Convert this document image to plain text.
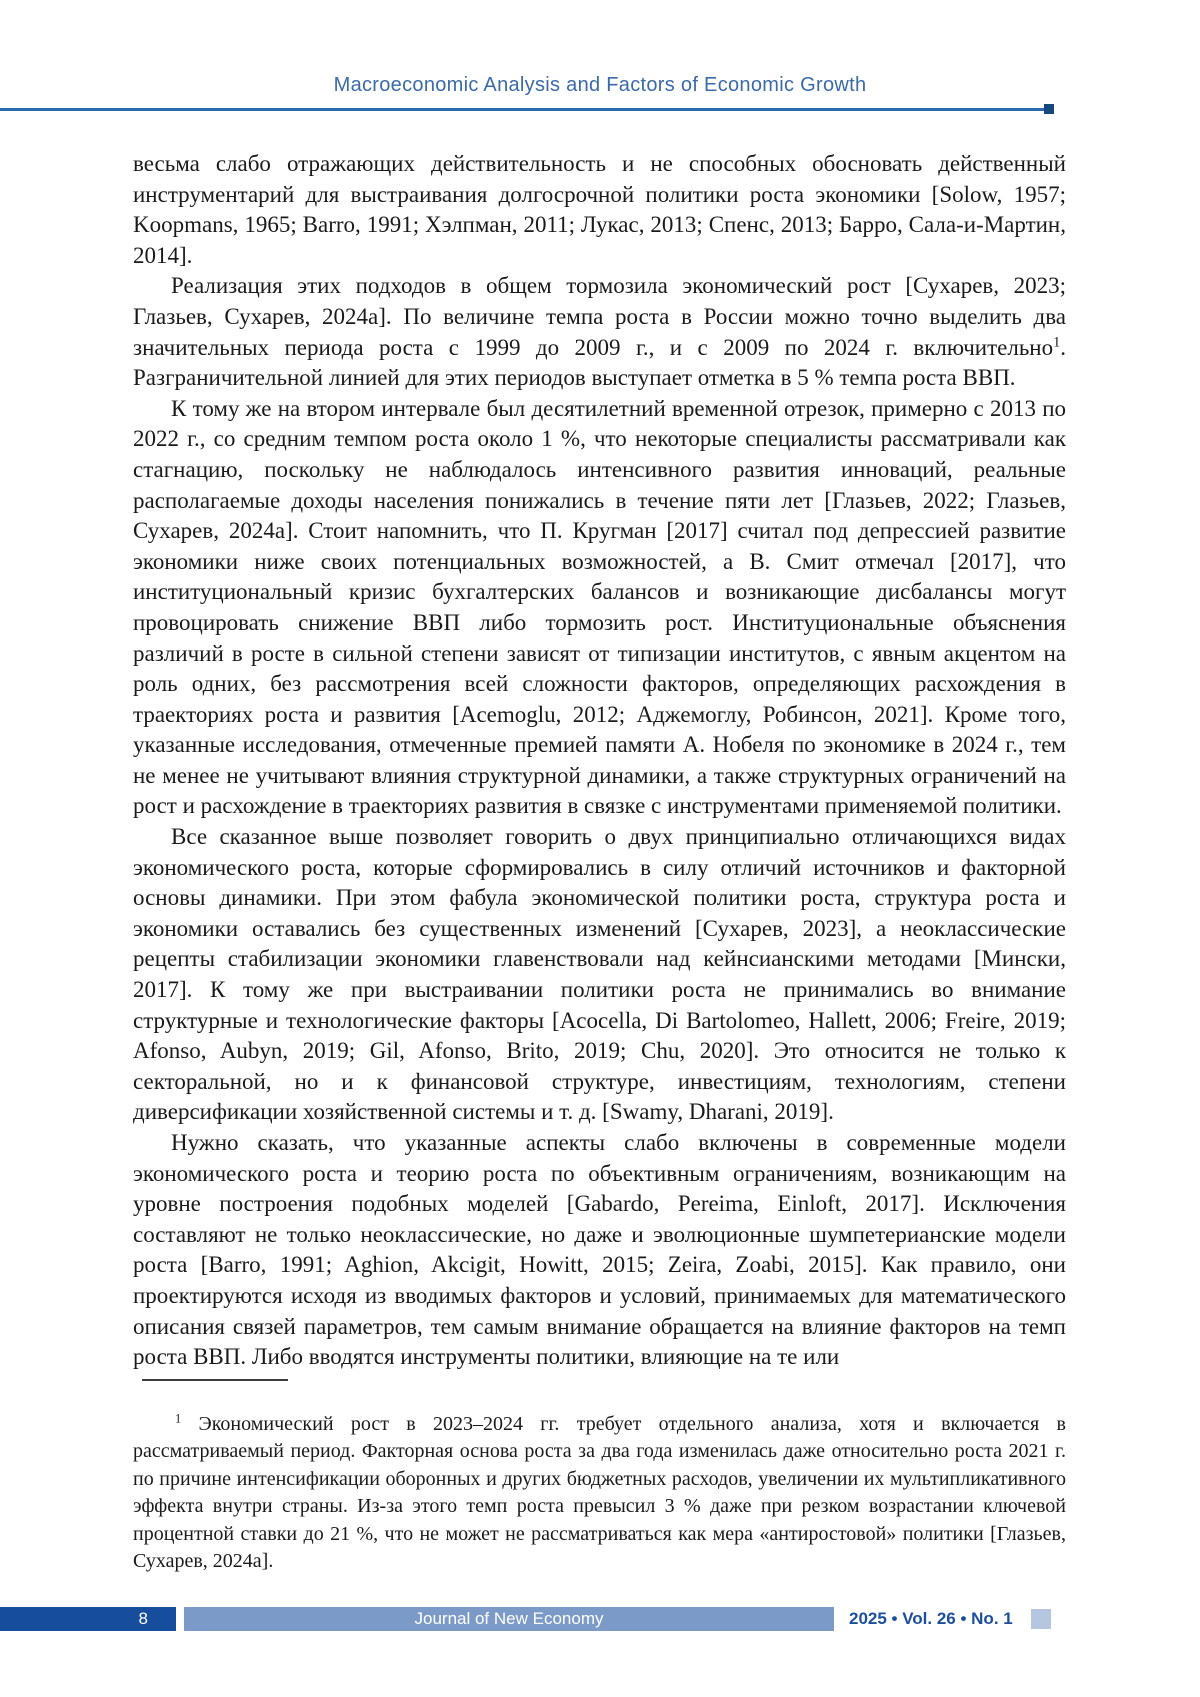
Macroeconomic Analysis and Factors of Economic Growth

весьма слабо отражающих действительность и не способных обосновать действенный инструментарий для выстраивания долгосрочной политики роста экономики [Solow, 1957; Koopmans, 1965; Barro, 1991; Хэлпман, 2011; Лукас, 2013; Спенс, 2013; Барро, Сала-и-Мартин, 2014].

Реализация этих подходов в общем тормозила экономический рост [Сухарев, 2023; Глазьев, Сухарев, 2024а]. По величине темпа роста в России можно точно выделить два значительных периода роста с 1999 до 2009 г., и с 2009 по 2024 г. включительно$^1$. Разграничительной линией для этих периодов выступает отметка в 5 % темпа роста ВВП.

К тому же на втором интервале был десятилетний временной отрезок, примерно с 2013 по 2022 г., со средним темпом роста около 1 %, что некоторые специалисты рассматривали как стагнацию, поскольку не наблюдалось интенсивного развития инноваций, реальные располагаемые доходы населения понижались в течение пяти лет [Глазьев, 2022; Глазьев, Сухарев, 2024а]. Стоит напомнить, что П. Кругман [2017] считал под депрессией развитие экономики ниже своих потенциальных возможностей, а В. Смит отмечал [2017], что институциональный кризис бухгалтерских балансов и возникающие дисбалансы могут провоцировать снижение ВВП либо тормозить рост. Институциональные объяснения различий в росте в сильной степени зависят от типизации институтов, с явным акцентом на роль одних, без рассмотрения всей сложности факторов, определяющих расхождения в траекториях роста и развития [Acemoglu, 2012; Аджемоглу, Робинсон, 2021]. Кроме того, указанные исследования, отмеченные премией памяти А. Нобеля по экономике в 2024 г., тем не менее не учитывают влияния структурной динамики, а также структурных ограничений на рост и расхождение в траекториях развития в связке с инструментами применяемой политики.

Все сказанное выше позволяет говорить о двух принципиально отличающихся видах экономического роста, которые сформировались в силу отличий источников и факторной основы динамики. При этом фабула экономической политики роста, структура роста и экономики оставались без существенных изменений [Сухарев, 2023], а неоклассические рецепты стабилизации экономики главенствовали над кейнсианскими методами [Мински, 2017]. К тому же при выстраивании политики роста не принимались во внимание структурные и технологические факторы [Acocella, Di Bartolomeo, Hallett, 2006; Freire, 2019; Afonso, Aubyn, 2019; Gil, Afonso, Brito, 2019; Chu, 2020]. Это относится не только к секторальной, но и к финансовой структуре, инвестициям, технологиям, степени диверсификации хозяйственной системы и т. д. [Swamy, Dharani, 2019].

Нужно сказать, что указанные аспекты слабо включены в современные модели экономического роста и теорию роста по объективным ограничениям, возникающим на уровне построения подобных моделей [Gabardo, Pereima, Einloft, 2017]. Исключения составляют не только неоклассические, но даже и эволюционные шумпетерианские модели роста [Barro, 1991; Aghion, Akcigit, Howitt, 2015; Zeira, Zoabi, 2015]. Как правило, они проектируются исходя из вводимых факторов и условий, принимаемых для математического описания связей параметров, тем самым внимание обращается на влияние факторов на темп роста ВВП. Либо вводятся инструменты политики, влияющие на те или

$^1$ Экономический рост в 2023–2024 гг. требует отдельного анализа, хотя и включается в рассматриваемый период. Факторная основа роста за два года изменилась даже относительно роста 2021 г. по причине интенсификации оборонных и других бюджетных расходов, увеличении их мультипликативного эффекта внутри страны. Из-за этого темп роста превысил 3 % даже при резком возрастании ключевой процентной ставки до 21 %, что не может не рассматриваться как мера «антиростовой» политики [Глазьев, Сухарев, 2024а].

8	Journal of New Economy	2025 • Vol. 26 • No. 1
